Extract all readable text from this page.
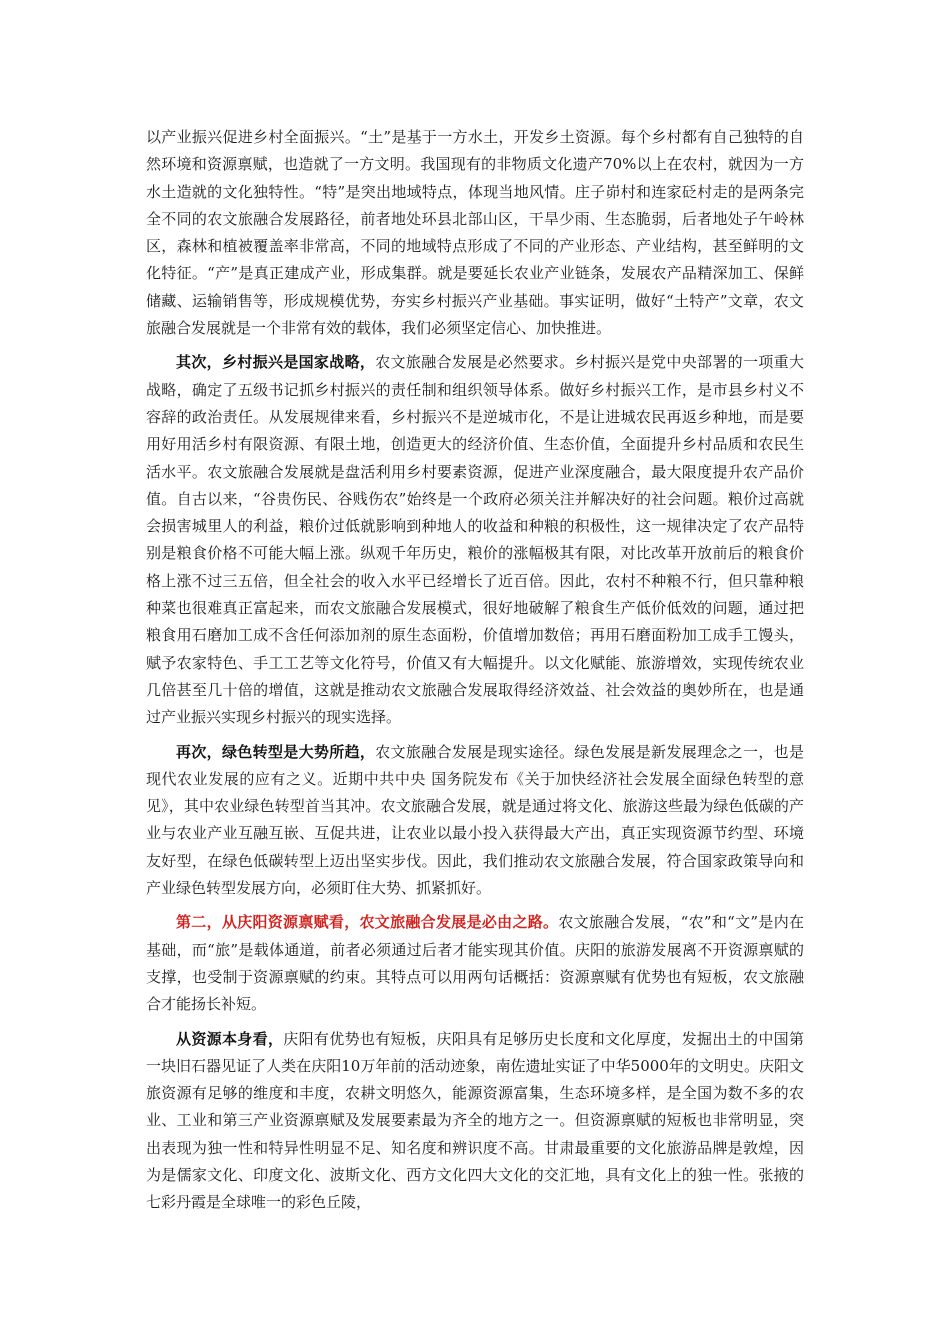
以产业振兴促进乡村全面振兴。“土”是基于一方水土，开发乡土资源。每个乡村都有自己独特的自然环境和资源禀赋，也造就了一方文明。我国现有的非物质文化遗产70%以上在农村，就因为一方水土造就的文化独特性。“特”是突出地域特点，体现当地风情。庄子峁村和连家砭村走的是两条完全不同的农文旅融合发展路径，前者地处环县北部山区，干旱少雨、生态脆弱，后者地处子午岭林区，森林和植被覆盖率非常高，不同的地域特点形成了不同的产业形态、产业结构，甚至鲜明的文化特征。“产”是真正建成产业，形成集群。就是要延长农业产业链条，发展农产品精深加工、保鲜储藏、运输销售等，形成规模优势，夯实乡村振兴产业基础。事实证明，做好“土特产”文章，农文旅融合发展就是一个非常有效的载体，我们必须坚定信心、加快推进。

其次，乡村振兴是国家战略，农文旅融合发展是必然要求。乡村振兴是党中央部署的一项重大战略，确定了五级书记抓乡村振兴的责任制和组织领导体系。做好乡村振兴工作，是市县乡村义不容辞的政治责任。从发展规律来看，乡村振兴不是逆城市化，不是让进城农民再返乡种地，而是要用好用活乡村有限资源、有限土地，创造更大的经济价值、生态价值，全面提升乡村品质和农民生活水平。农文旅融合发展就是盘活利用乡村要素资源，促进产业深度融合，最大限度提升农产品价值。自古以来，“谷贵伤民、谷贱伤农”始终是一个政府必须关注并解决好的社会问题。粮价过高就会损害城里人的利益，粮价过低就影响到种地人的收益和种粮的积极性，这一规律决定了农产品特别是粮食价格不可能大幅上涨。纵观千年历史，粮价的涨幅极其有限，对比改革开放前后的粮食价格上涨不过三五倍，但全社会的收入水平已经增长了近百倍。因此，农村不种粮不行，但只靠种粮种菜也很难真正富起来，而农文旅融合发展模式，很好地破解了粮食生产低价低效的问题，通过把粮食用石磨加工成不含任何添加剂的原生态面粉，价值增加数倍；再用石磨面粉加工成手工馒头，赋予农家特色、手工工艺等文化符号，价值又有大幅提升。以文化赋能、旅游增效，实现传统农业几倍甚至几十倍的增值，这就是推动农文旅融合发展取得经济效益、社会效益的奥妙所在，也是通过产业振兴实现乡村振兴的现实选择。

再次，绿色转型是大势所趋，农文旅融合发展是现实途径。绿色发展是新发展理念之一，也是现代农业发展的应有之义。近期中共中央 国务院发布《关于加快经济社会发展全面绿色转型的意见》，其中农业绿色转型首当其冲。农文旅融合发展，就是通过将文化、旅游这些最为绿色低碳的产业与农业产业互融互嵌、互促共进，让农业以最小投入获得最大产出，真正实现资源节约型、环境友好型，在绿色低碳转型上迈出坚实步伐。因此，我们推动农文旅融合发展，符合国家政策导向和产业绿色转型发展方向，必须盯住大势、抓紧抓好。

第二，从庆阳资源禀赋看，农文旅融合发展是必由之路。农文旅融合发展，“农”和“文”是内在基础，而“旅”是载体通道，前者必须通过后者才能实现其价值。庆阳的旅游发展离不开资源禀赋的支撑，也受制于资源禀赋的约束。其特点可以用两句话概括：资源禀赋有优势也有短板，农文旅融合才能扬长补短。

从资源本身看，庆阳有优势也有短板，庆阳具有足够历史长度和文化厚度，发掘出土的中国第一块旧石器见证了人类在庆阳10万年前的活动迹象，南佐遗址实证了中华5000年的文明史。庆阳文旅资源有足够的维度和丰度，农耕文明悠久，能源资源富集，生态环境多样，是全国为数不多的农业、工业和第三产业资源禀赋及发展要素最为齐全的地方之一。但资源禀赋的短板也非常明显，突出表现为独一性和特异性明显不足、知名度和辨识度不高。甘肃最重要的文化旅游品牌是敦煌，因为是儒家文化、印度文化、波斯文化、西方文化四大文化的交汇地，具有文化上的独一性。张掖的七彩丹霞是全球唯一的彩色丘陵，
